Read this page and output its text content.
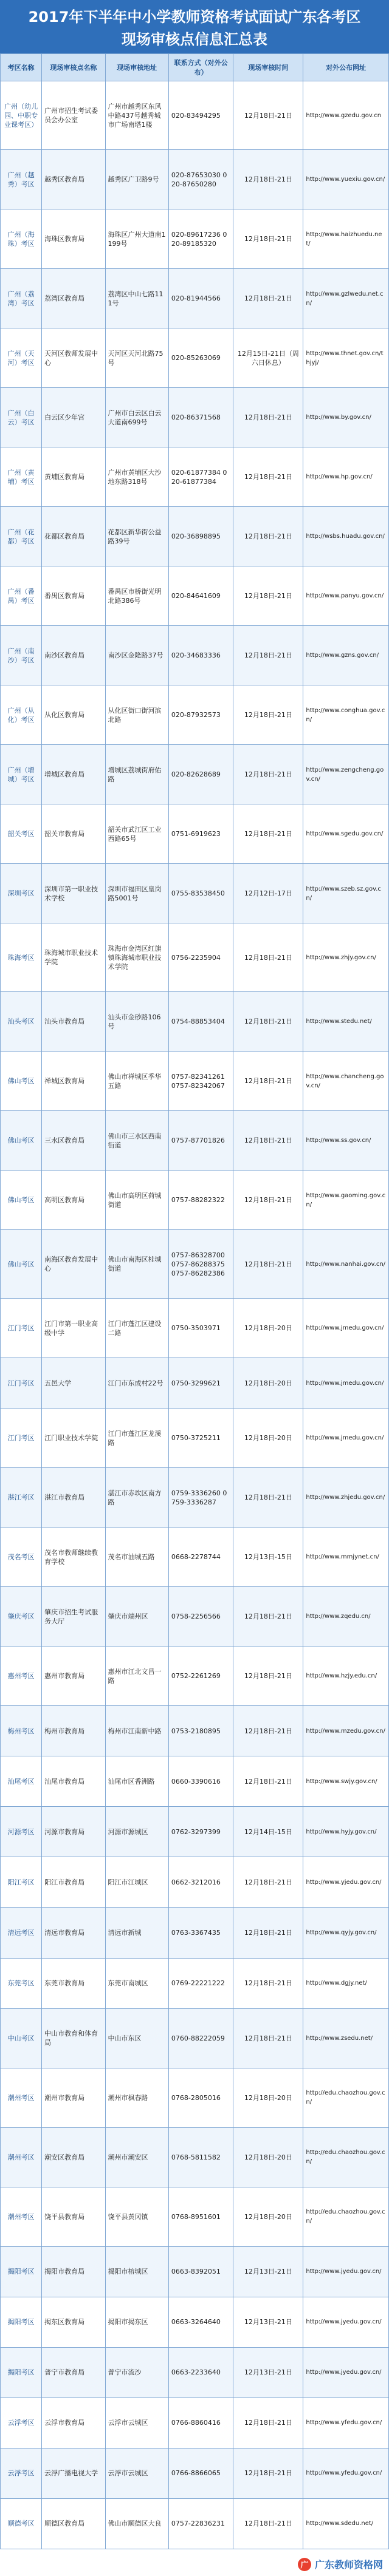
2017年下半年中小学教师资格考试面试广东各考区
现场审核点信息汇总表
考区名称	现场审核点名称	现场审核地址	联系方式（对外公布）	现场审核时间	对外公布网址
广州（幼儿园、中职专业课考区）	广州市招生考试委员会办公室	广州市越秀区东风中路437号越秀城市广场南塔1楼	020-83494295	12月18日-21日	http://www.gzedu.gov.cn
广州（越秀）考区	越秀区教育局	越秀区广卫路9号	020-87653030 020-87650280	12月18日-21日	http://www.yuexiu.gov.cn/
广州（海珠）考区	海珠区教育局	海珠区广州大道南1199号	020-89617236 020-89185320	12月18日-21日	http://www.haizhuedu.net/
广州（荔湾）考区	荔湾区教育局	荔湾区中山七路111号	020-81944566	12月18日-21日	http://www.gzlwedu.net.cn/
广州（天河）考区	天河区教师发展中心	天河区天河北路75号	020-85263069	12月15日-21日（周六日休息）	http://www.thnet.gov.cn/thjyj/
广州（白云）考区	白云区少年宫	广州市白云区白云大道南699号	020-86371568	12月18日-21日	http://www.by.gov.cn/
广州（黄埔）考区	黄埔区教育局	广州市黄埔区大沙地东路318号	020-61877384 020-61877384	12月18日-21日	http://www.hp.gov.cn/
广州（花都）考区	花都区教育局	花都区新华街公益路39号	020-36898895	12月18日-21日	http://wsbs.huadu.gov.cn/
广州（番禺）考区	番禺区教育局	番禺区市桥街光明北路386号	020-84641609	12月18日-21日	http://www.panyu.gov.cn/
广州（南沙）考区	南沙区教育局	南沙区金隆路37号	020-34683336	12月18日-21日	http://www.gzns.gov.cn/
广州（从化）考区	从化区教育局	从化区街口街河滨北路	020-87932573	12月18日-21日	http://www.conghua.gov.cn/
广州（增城）考区	增城区教育局	增城区荔城街府佑路	020-82628689	12月18日-21日	http://www.zengcheng.gov.cn/
韶关考区	韶关市教育局	韶关市武江区工业西路65号	0751-6919623	12月18日-21日	http://www.sgedu.gov.cn/
深圳考区	深圳市第一职业技术学校	深圳市福田区皇岗路5001号	0755-83538450	12月12日-17日	http://www.szeb.sz.gov.cn/
珠海考区	珠海城市职业技术学院	珠海市金湾区红旗镇珠海城市职业技术学院	0756-2235904	12月18日-21日	http://www.zhjy.gov.cn/
汕头考区	汕头市教育局	汕头市金砂路106号	0754-88853404	12月18日-21日	http://www.stedu.net/
佛山考区	禅城区教育局	佛山市禅城区季华五路	0757-82341261 0757-82342067	12月18日-21日	http://www.chancheng.gov.cn/
佛山考区	三水区教育局	佛山市三水区西南街道	0757-87701826	12月18日-21日	http://www.ss.gov.cn/
佛山考区	高明区教育局	佛山市高明区荷城街道	0757-88282322	12月18日-21日	http://www.gaoming.gov.cn/
佛山考区	南海区教育发展中心	佛山市南海区桂城街道	0757-86328700 0757-86288375 0757-86282386	12月18日-21日	http://www.nanhai.gov.cn/
江门考区	江门市第一职业高级中学	江门市蓬江区建设二路	0750-3503971	12月18日-20日	http://www.jmedu.gov.cn/
江门考区	五邑大学	江门市东成村22号	0750-3299621	12月18日-20日	http://www.jmedu.gov.cn/
江门考区	江门职业技术学院	江门市蓬江区龙溪路	0750-3725211	12月18日-20日	http://www.jmedu.gov.cn/
湛江考区	湛江市教育局	湛江市赤坎区南方路	0759-3336260 0759-3336287	12月18日-21日	http://www.zhjedu.gov.cn/
茂名考区	茂名市教师继续教育学校	茂名市油城五路	0668-2278744	12月13日-15日	http://www.mmjynet.cn/
肇庆考区	肇庆市招生考试服务大厅	肇庆市端州区	0758-2256566	12月18日-21日	http://www.zqedu.cn/
惠州考区	惠州市教育局	惠州市江北文昌一路	0752-2261269	12月18日-21日	http://www.hzjy.edu.cn/
梅州考区	梅州市教育局	梅州市江南新中路	0753-2180895	12月18日-21日	http://www.mzedu.gov.cn/
汕尾考区	汕尾市教育局	汕尾市区香洲路	0660-3390616	12月18日-21日	http://www.swjy.gov.cn/
河源考区	河源市教育局	河源市源城区	0762-3297399	12月14日-15日	http://www.hyjy.gov.cn/
阳江考区	阳江市教育局	阳江市江城区	0662-3212016	12月18日-21日	http://www.yjedu.gov.cn/
清远考区	清远市教育局	清远市新城	0763-3367435	12月18日-21日	http://www.qyjy.gov.cn/
东莞考区	东莞市教育局	东莞市南城区	0769-22221222	12月18日-21日	http://www.dgjy.net/
中山考区	中山市教育和体育局	中山市东区	0760-88222059	12月18日-21日	http://www.zsedu.net/
潮州考区	潮州市教育局	潮州市枫春路	0768-2805016	12月18日-20日	http://edu.chaozhou.gov.cn/
潮州考区	潮安区教育局	潮州市潮安区	0768-5811582	12月18日-20日	http://edu.chaozhou.gov.cn/
潮州考区	饶平县教育局	饶平县黄冈镇	0768-8951601	12月18日-20日	http://edu.chaozhou.gov.cn/
揭阳考区	揭阳市教育局	揭阳市榕城区	0663-8392051	12月13日-21日	http://www.jyedu.gov.cn/
揭阳考区	揭东区教育局	揭阳市揭东区	0663-3264640	12月13日-21日	http://www.jyedu.gov.cn/
揭阳考区	普宁市教育局	普宁市流沙	0663-2233640	12月13日-21日	http://www.jyedu.gov.cn/
云浮考区	云浮市教育局	云浮市云城区	0766-8860416	12月18日-21日	http://www.yfedu.gov.cn/
云浮考区	云浮广播电视大学	云浮市云城区	0766-8866065	12月18日-21日	http://www.yfedu.gov.cn/
顺德考区	顺德区教育局	佛山市顺德区大良	0757-22836231	12月18日-21日	http://www.sdedu.net/
广 广东教师资格网
